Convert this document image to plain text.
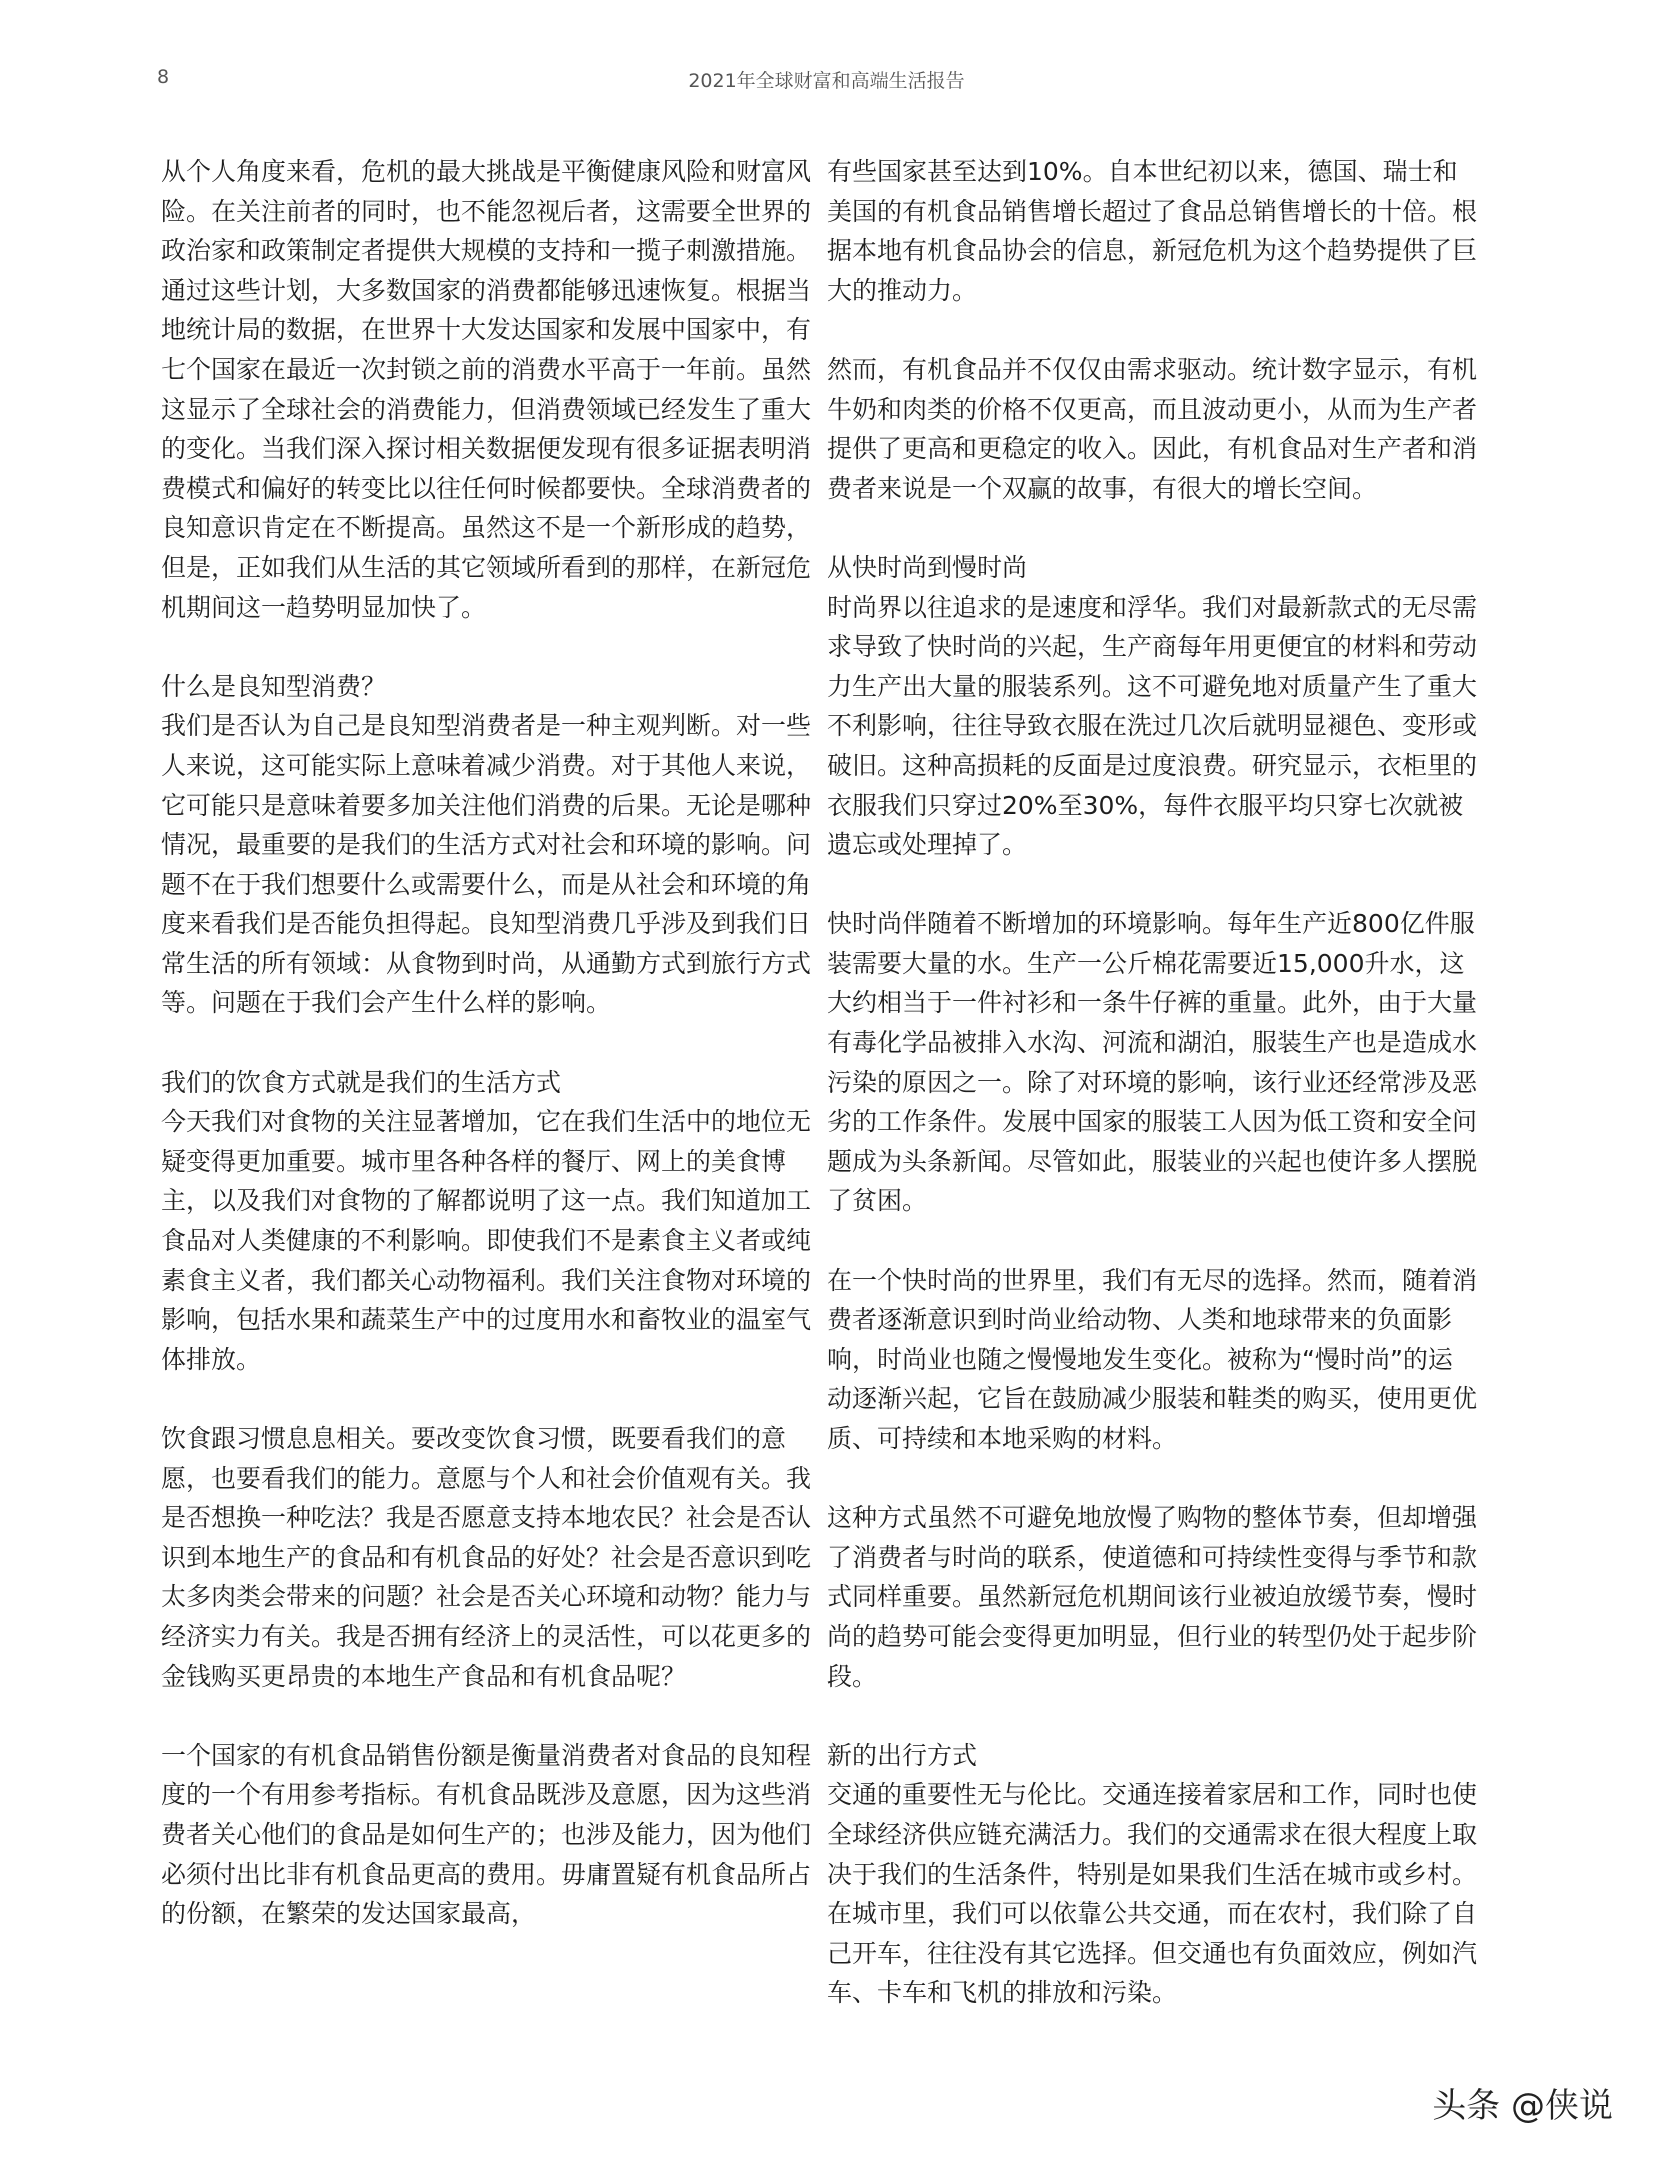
8	2021年全球财富和高端生活报告

从个人角度来看，危机的最大挑战是平衡健康风险和财富风险。在关注前者的同时，也不能忽视后者，这需要全世界的政治家和政策制定者提供大规模的支持和一揽子刺激措施。通过这些计划，大多数国家的消费都能够迅速恢复。根据当地统计局的数据，在世界十大发达国家和发展中国家中，有七个国家在最近一次封锁之前的消费水平高于一年前。虽然这显示了全球社会的消费能力，但消费领域已经发生了重大的变化。当我们深入探讨相关数据便发现有很多证据表明消费模式和偏好的转变比以往任何时候都要快。全球消费者的良知意识肯定在不断提高。虽然这不是一个新形成的趋势，但是，正如我们从生活的其它领域所看到的那样，在新冠危机期间这一趋势明显加快了。

什么是良知型消费？

我们是否认为自己是良知型消费者是一种主观判断。对一些人来说，这可能实际上意味着减少消费。对于其他人来说，它可能只是意味着要多加关注他们消费的后果。无论是哪种情况，最重要的是我们的生活方式对社会和环境的影响。问题不在于我们想要什么或需要什么，而是从社会和环境的角度来看我们是否能负担得起。良知型消费几乎涉及到我们日常生活的所有领域：从食物到时尚，从通勤方式到旅行方式等。问题在于我们会产生什么样的影响。

我们的饮食方式就是我们的生活方式

今天我们对食物的关注显著增加，它在我们生活中的地位无疑变得更加重要。城市里各种各样的餐厅、网上的美食博主，以及我们对食物的了解都说明了这一点。我们知道加工食品对人类健康的不利影响。即使我们不是素食主义者或纯素食主义者，我们都关心动物福利。我们关注食物对环境的影响，包括水果和蔬菜生产中的过度用水和畜牧业的温室气体排放。

饮食跟习惯息息相关。要改变饮食习惯，既要看我们的意愿，也要看我们的能力。意愿与个人和社会价值观有关。我是否想换一种吃法？我是否愿意支持本地农民？社会是否认识到本地生产的食品和有机食品的好处？社会是否意识到吃太多肉类会带来的问题？社会是否关心环境和动物？能力与经济实力有关。我是否拥有经济上的灵活性，可以花更多的金钱购买更昂贵的本地生产食品和有机食品呢？

一个国家的有机食品销售份额是衡量消费者对食品的良知程度的一个有用参考指标。有机食品既涉及意愿，因为这些消费者关心他们的食品是如何生产的；也涉及能力，因为他们必须付出比非有机食品更高的费用。毋庸置疑有机食品所占的份额，在繁荣的发达国家最高，

有些国家甚至达到10%。自本世纪初以来，德国、瑞士和美国的有机食品销售增长超过了食品总销售增长的十倍。根据本地有机食品协会的信息，新冠危机为这个趋势提供了巨大的推动力。

然而，有机食品并不仅仅由需求驱动。统计数字显示，有机牛奶和肉类的价格不仅更高，而且波动更小，从而为生产者提供了更高和更稳定的收入。因此，有机食品对生产者和消费者来说是一个双赢的故事，有很大的增长空间。

从快时尚到慢时尚

时尚界以往追求的是速度和浮华。我们对最新款式的无尽需求导致了快时尚的兴起，生产商每年用更便宜的材料和劳动力生产出大量的服装系列。这不可避免地对质量产生了重大不利影响，往往导致衣服在洗过几次后就明显褪色、变形或破旧。这种高损耗的反面是过度浪费。研究显示，衣柜里的衣服我们只穿过20%至30%，每件衣服平均只穿七次就被遗忘或处理掉了。

快时尚伴随着不断增加的环境影响。每年生产近800亿件服装需要大量的水。生产一公斤棉花需要近15,000升水，这大约相当于一件衬衫和一条牛仔裤的重量。此外，由于大量有毒化学品被排入水沟、河流和湖泊，服装生产也是造成水污染的原因之一。除了对环境的影响，该行业还经常涉及恶劣的工作条件。发展中国家的服装工人因为低工资和安全问题成为头条新闻。尽管如此，服装业的兴起也使许多人摆脱了贫困。

在一个快时尚的世界里，我们有无尽的选择。然而，随着消费者逐渐意识到时尚业给动物、人类和地球带来的负面影响，时尚业也随之慢慢地发生变化。被称为“慢时尚”的运动逐渐兴起，它旨在鼓励减少服装和鞋类的购买，使用更优质、可持续和本地采购的材料。

这种方式虽然不可避免地放慢了购物的整体节奏，但却增强了消费者与时尚的联系，使道德和可持续性变得与季节和款式同样重要。虽然新冠危机期间该行业被迫放缓节奏，慢时尚的趋势可能会变得更加明显，但行业的转型仍处于起步阶段。

新的出行方式

交通的重要性无与伦比。交通连接着家居和工作，同时也使全球经济供应链充满活力。我们的交通需求在很大程度上取决于我们的生活条件，特别是如果我们生活在城市或乡村。在城市里，我们可以依靠公共交通，而在农村，我们除了自己开车，往往没有其它选择。但交通也有负面效应，例如汽车、卡车和飞机的排放和污染。

头条 @侠说
